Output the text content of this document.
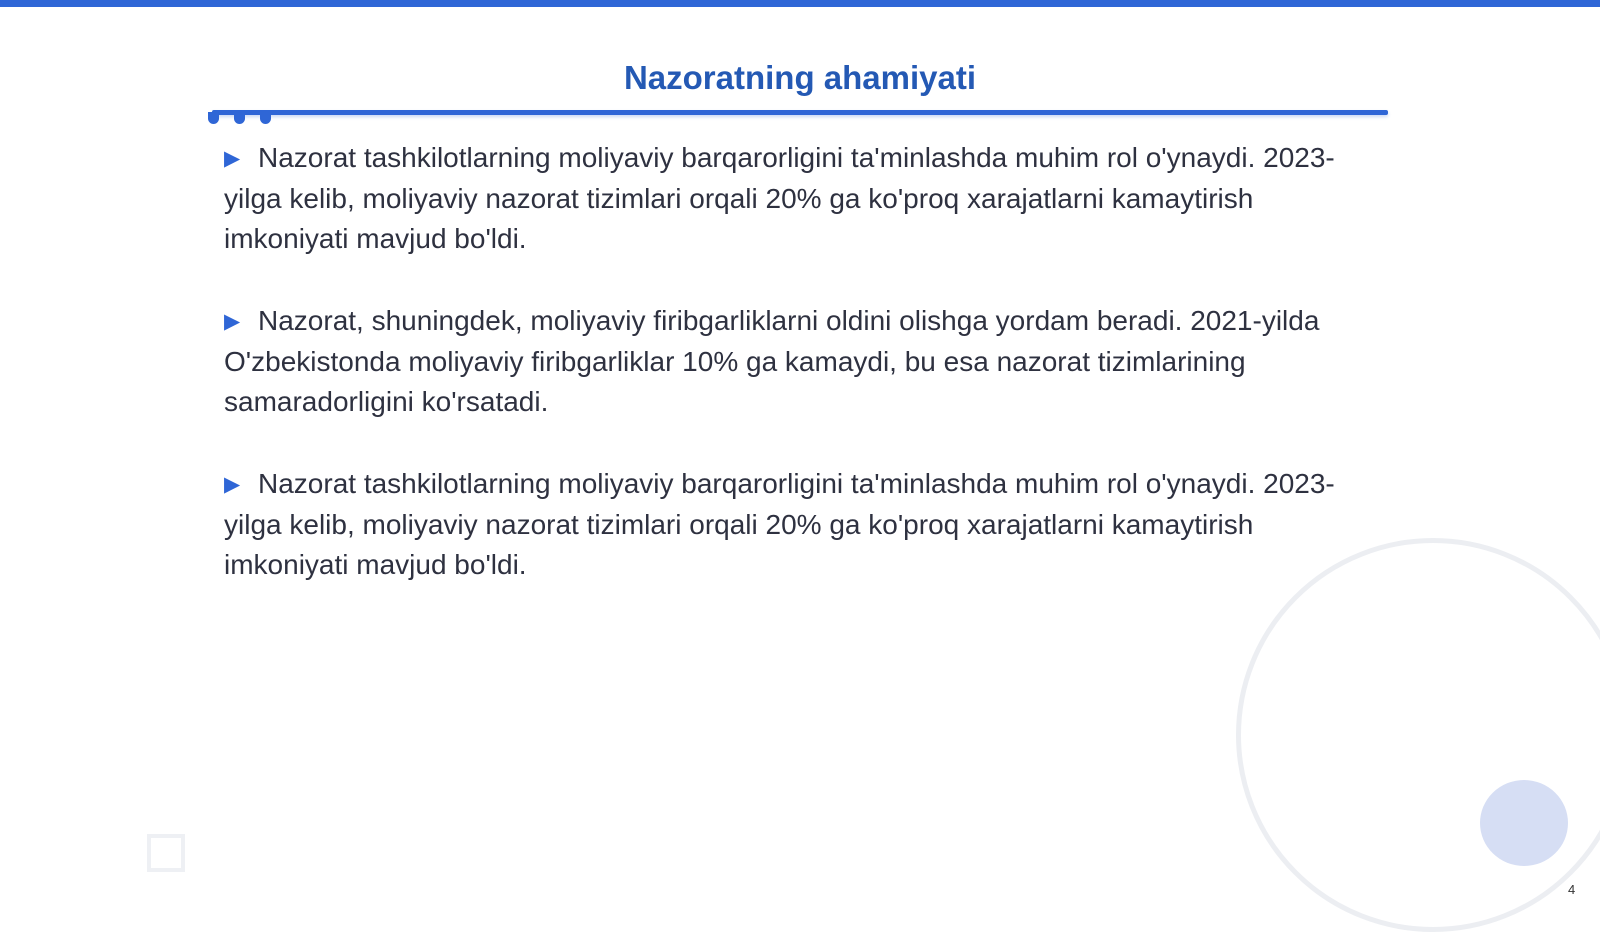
Nazoratning ahamiyati

▶ Nazorat tashkilotlarning moliyaviy barqarorligini ta'minlashda muhim rol o'ynaydi. 2023-yilga kelib, moliyaviy nazorat tizimlari orqali 20% ga ko'proq xarajatlarni kamaytirish imkoniyati mavjud bo'ldi.

▶ Nazorat, shuningdek, moliyaviy firibgarliklarni oldini olishga yordam beradi. 2021-yilda O'zbekistonda moliyaviy firibgarliklar 10% ga kamaydi, bu esa nazorat tizimlarining samaradorligini ko'rsatadi.

▶ Nazorat tashkilotlarning moliyaviy barqarorligini ta'minlashda muhim rol o'ynaydi. 2023-yilga kelib, moliyaviy nazorat tizimlari orqali 20% ga ko'proq xarajatlarni kamaytirish imkoniyati mavjud bo'ldi.

4
